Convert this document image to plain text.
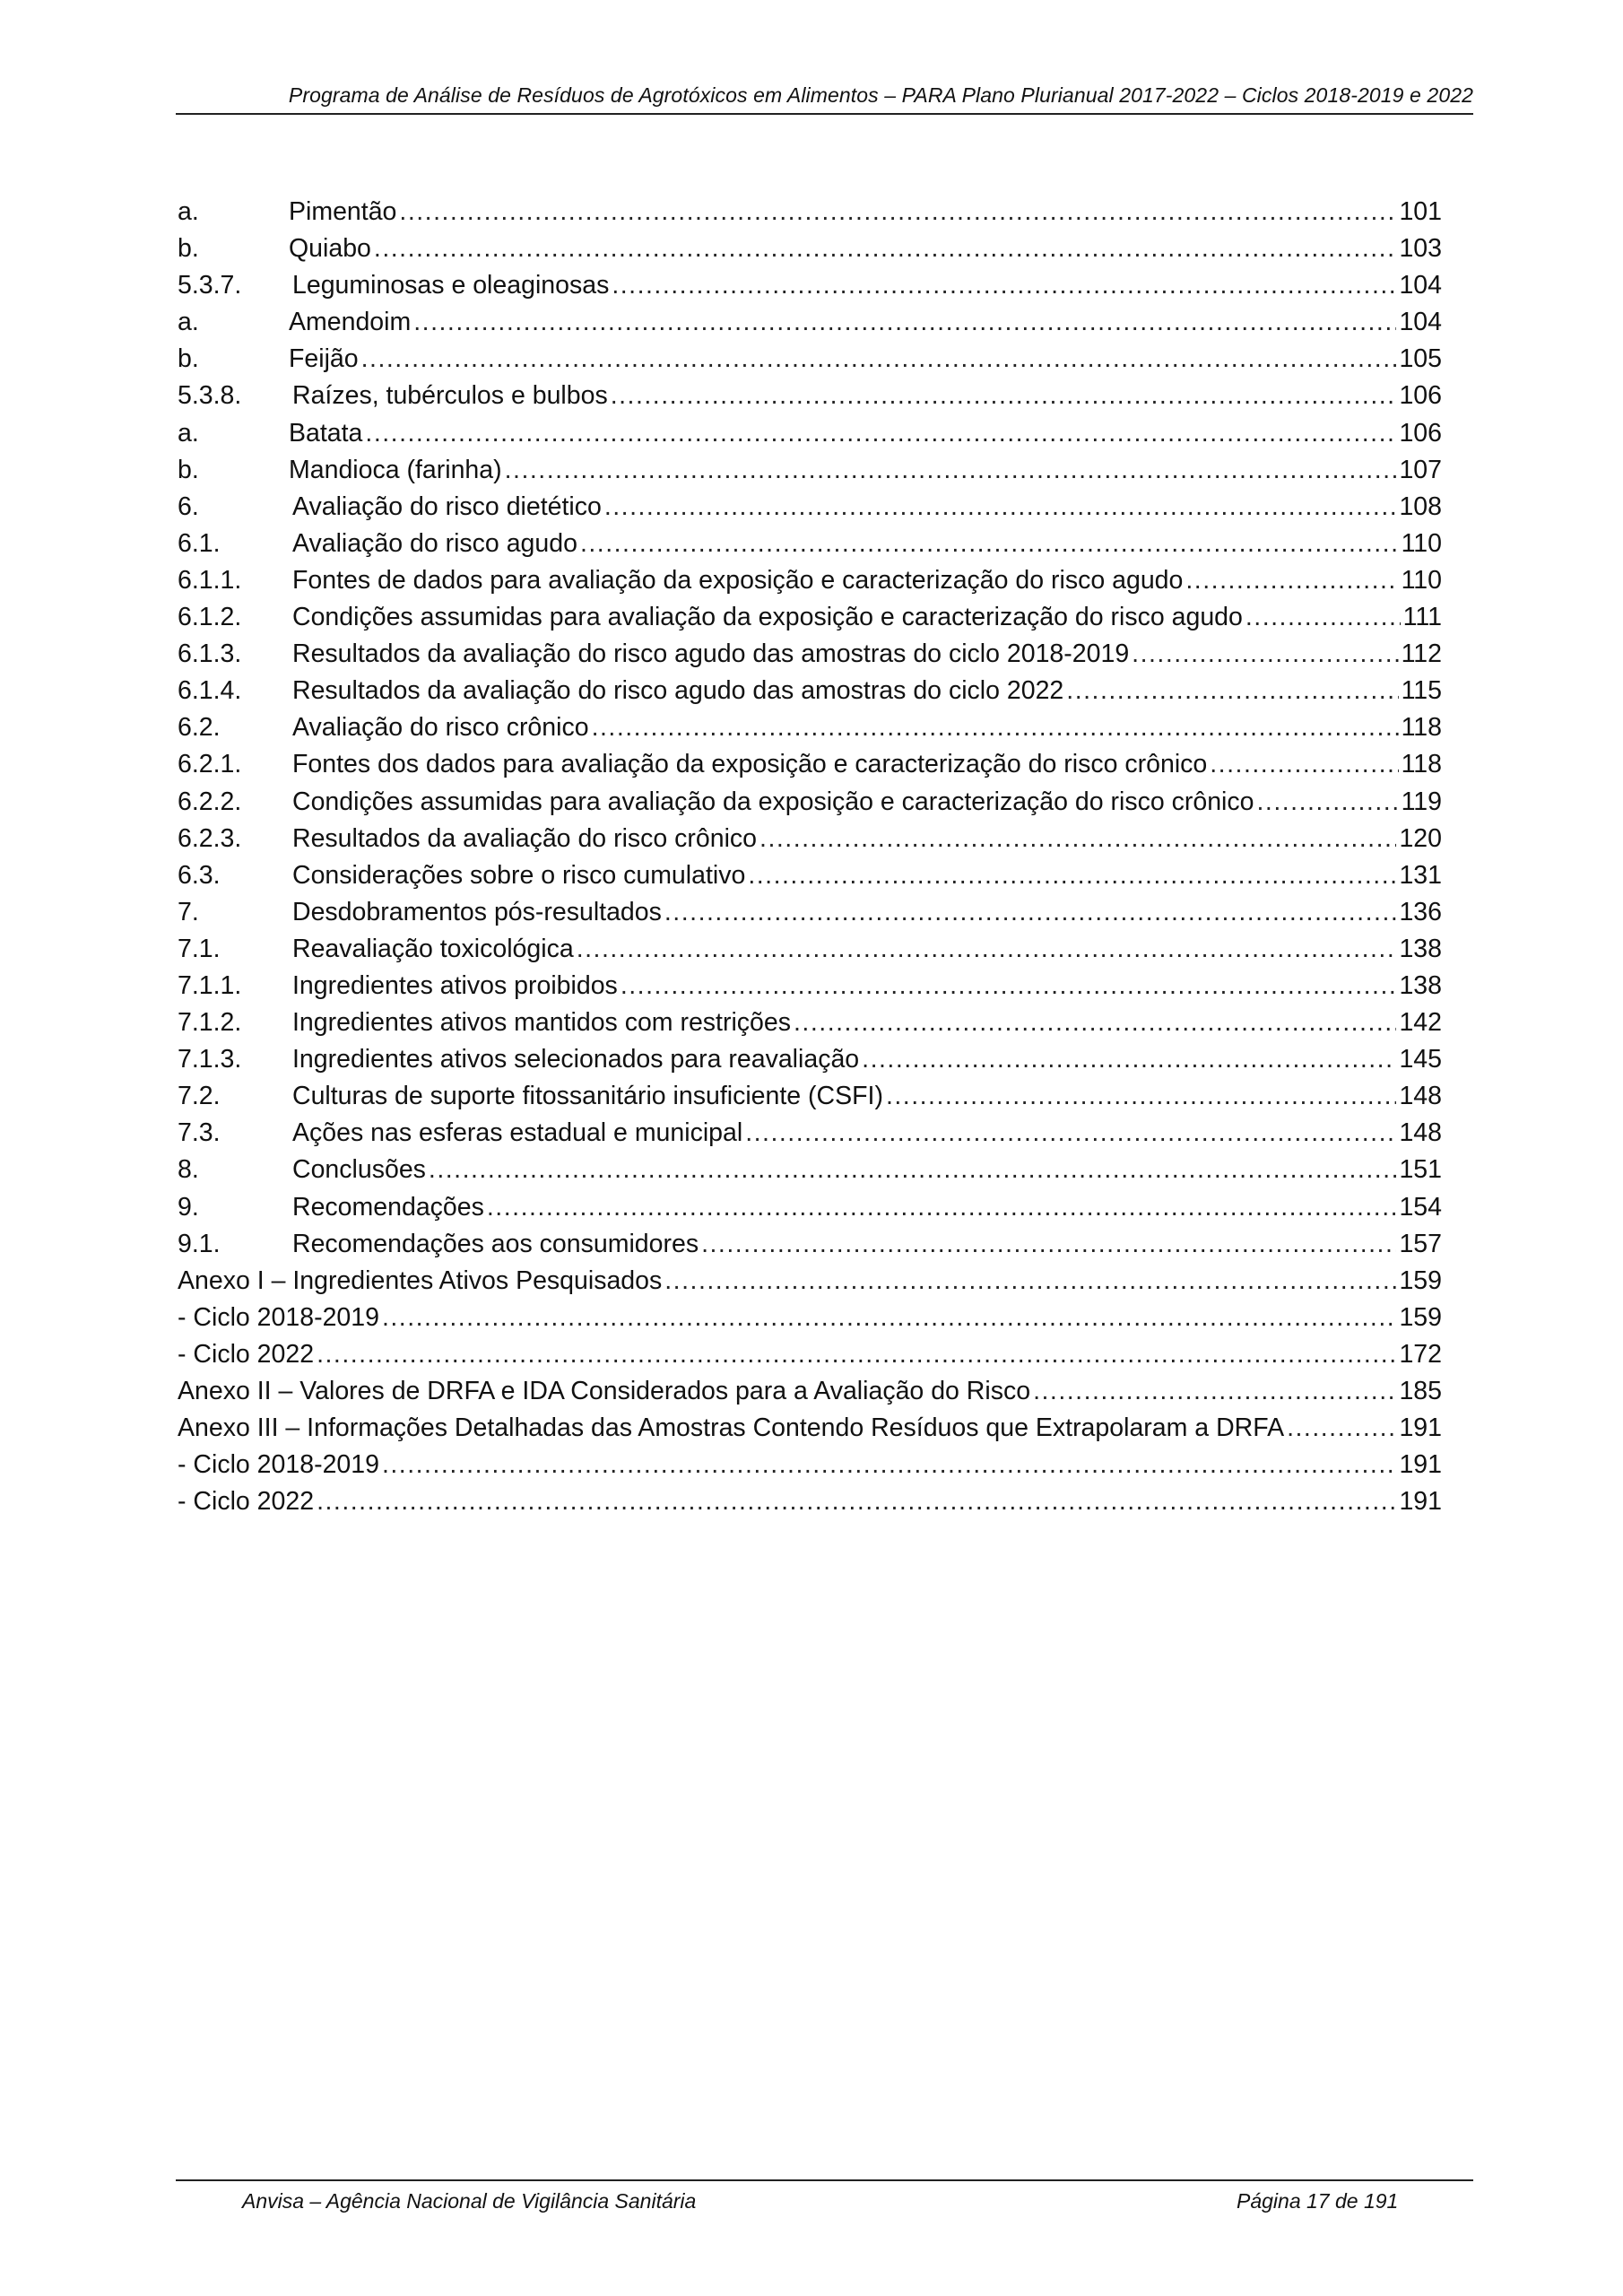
Programa de Análise de Resíduos de Agrotóxicos em Alimentos – PARA Plano Plurianual 2017-2022 – Ciclos 2018-2019 e 2022
a.	Pimentão .....	101
b.	Quiabo .....	103
5.3.7.	Leguminosas e oleaginosas .....	104
a.	Amendoim .....	104
b.	Feijão .....	105
5.3.8.	Raízes, tubérculos e bulbos .....	106
a.	Batata .....	106
b.	Mandioca (farinha) .....	107
6.	Avaliação do risco dietético .....	108
6.1.	Avaliação do risco agudo .....	110
6.1.1.	Fontes de dados para avaliação da exposição e caracterização do risco agudo .....	110
6.1.2.	Condições assumidas para avaliação da exposição e caracterização do risco agudo .....	111
6.1.3.	Resultados da avaliação do risco agudo das amostras do ciclo 2018-2019 .....	112
6.1.4.	Resultados da avaliação do risco agudo das amostras do ciclo 2022 .....	115
6.2.	Avaliação do risco crônico .....	118
6.2.1.	Fontes dos dados para avaliação da exposição e caracterização do risco crônico .....	118
6.2.2.	Condições assumidas para avaliação da exposição e caracterização do risco crônico .....	119
6.2.3.	Resultados da avaliação do risco crônico .....	120
6.3.	Considerações sobre o risco cumulativo .....	131
7.	Desdobramentos pós-resultados .....	136
7.1.	Reavaliação toxicológica .....	138
7.1.1.	Ingredientes ativos proibidos .....	138
7.1.2.	Ingredientes ativos mantidos com restrições .....	142
7.1.3.	Ingredientes ativos selecionados para reavaliação .....	145
7.2.	Culturas de suporte fitossanitário insuficiente (CSFI) .....	148
7.3.	Ações nas esferas estadual e municipal .....	148
8.	Conclusões .....	151
9.	Recomendações .....	154
9.1.	Recomendações aos consumidores .....	157
Anexo I – Ingredientes Ativos Pesquisados .....	159
- Ciclo 2018-2019 .....	159
- Ciclo 2022 .....	172
Anexo II – Valores de DRFA e IDA Considerados para a Avaliação do Risco .....	185
Anexo III – Informações Detalhadas das Amostras Contendo Resíduos que Extrapolaram a DRFA .....	191
- Ciclo 2018-2019 .....	191
- Ciclo 2022 .....	191
Anvisa – Agência Nacional de Vigilância Sanitária	Página 17 de 191
